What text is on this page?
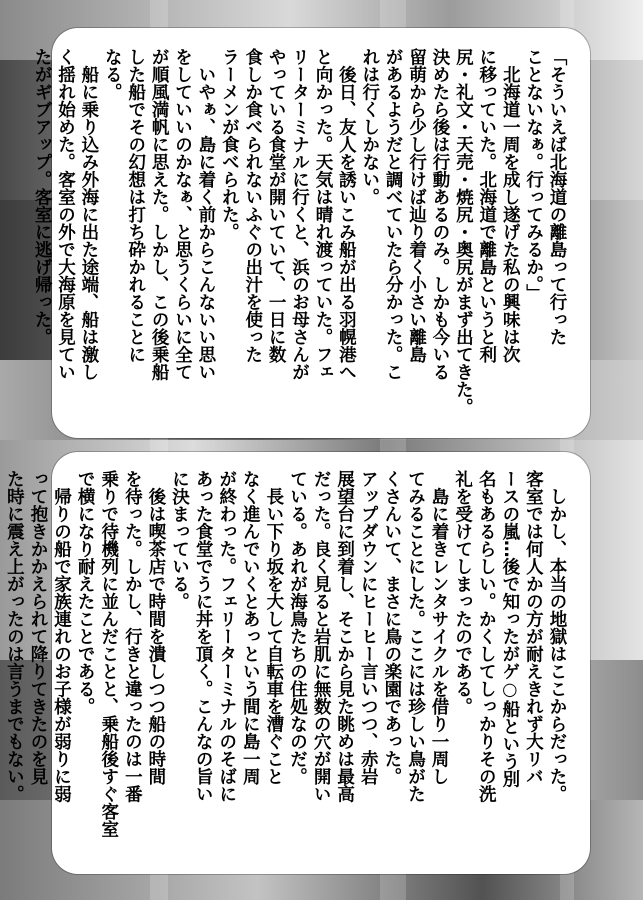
「そういえば北海道の離島って行った
ことないなぁ。行ってみるか。」
　北海道一周を成し遂げた私の興味は次
に移っていた。北海道で離島というと利
尻・礼文・天売・焼尻・奥尻がまず出てきた。
決めたら後は行動あるのみ。しかも今いる
留萌から少し行けば辿り着く小さい離島
があるようだと調べていたら分かった。こ
れは行くしかない。
　後日、友人を誘いこみ船が出る羽幌港へ
と向かった。天気は晴れ渡っていた。フェ
リーターミナルに行くと、浜のお母さんが
やっている食堂が開いていて、一日に数
食しか食べられないふぐの出汁を使った
ラーメンが食べられた。
　いやぁ、島に着く前からこんないい思い
をしていいのかなぁ、と思うくらいに全て
が順風満帆に思えた。しかし、この後乗船
した船でその幻想は打ち砕かれることに
なる。
　船に乗り込み外海に出た途端、船は激し
く揺れ始めた。客室の外で大海原を見てい
たがギブアップ。客室に逃げ帰った。
　しかし、本当の地獄はここからだった。
客室では何人かの方が耐えきれず大リバ
ースの嵐…後で知ったがゲ○船という別
名もあるらしい。かくしてしっかりその洗
礼を受けてしまったのである。
　島に着きレンタサイクルを借り一周し
てみることにした。ここには珍しい鳥がた
くさんいて、まさに鳥の楽園であった。
アップダウンにヒーヒー言いつつ、赤岩
展望台に到着し、そこから見た眺めは最高
だった。良く見ると岩肌に無数の穴が開い
ている。あれが海鳥たちの住処なのだ。
　長い下り坂を大して自転車を漕ぐこと
なく進んでいくとあっという間に島一周
が終わった。フェリーターミナルのそばに
あった食堂でうに丼を頂く。こんなの旨い
に決まっている。
　後は喫茶店で時間を潰しつつ船の時間
を待った。しかし、行きと違ったのは一番
乗りで待機列に並んだことと、乗船後すぐ客室
で横になり耐えたことである。
　帰りの船で家族連れのお子様が弱りに弱
って抱きかかえられて降りてきたのを見
た時に震え上がったのは言うまでもない。
